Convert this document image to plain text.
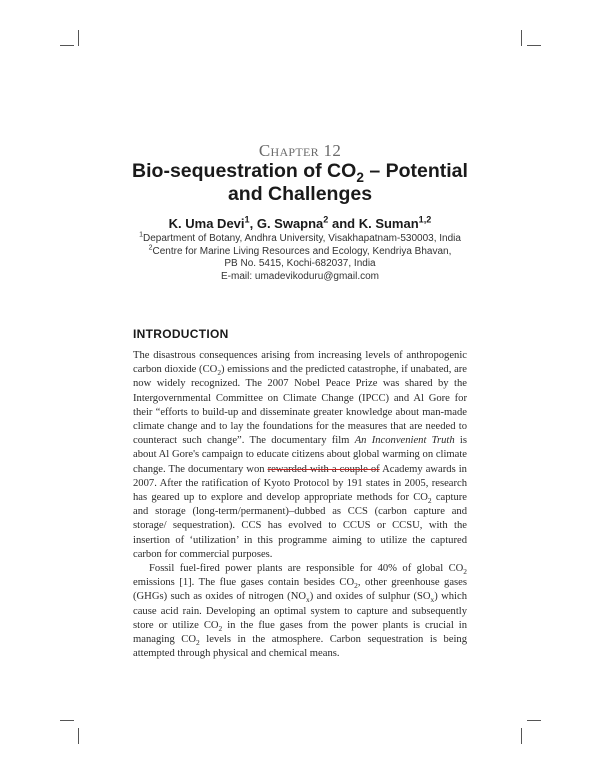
Chapter 12
Bio-sequestration of $CO_2$ – Potential
and Challenges
K. Uma Devi$^1$, G. Swapna$^2$ and K. Suman$^{1,2}$
$^1$Department of Botany, Andhra University, Visakhapatnam-530003, India
$^2$Centre for Marine Living Resources and Ecology, Kendriya Bhavan,
PB No. 5415, Kochi-682037, India
E-mail: umadevikoduru@gmail.com
INTRODUCTION

The disastrous consequences arising from increasing levels of anthropogenic carbon dioxide $(CO_2)$ emissions and the predicted catastrophe, if unabated, are now widely recognized. The 2007 Nobel Peace Prize was shared by the Intergovernmental Committee on Climate Change (IPCC) and Al Gore for their “efforts to build-up and disseminate greater knowledge about man-made climate change and to lay the foundations for the measures that are needed to counteract such change”. The documentary film An Inconvenient Truth is about Al Gore's campaign to educate citizens about global warming on climate change. The documentary won rewarded with a couple of Academy awards in 2007. After the ratification of Kyoto Protocol by 191 states in 2005, research has geared up to explore and develop appropriate methods for $CO_2$ capture and storage (long-term/permanent)–dubbed as CCS (carbon capture and storage/ sequestration). CCS has evolved to CCUS or CCSU, with the insertion of ‘utilization’ in this programme aiming to utilize the captured carbon for commercial purposes.

Fossil fuel-fired power plants are responsible for 40% of global $CO_2$ emissions [1]. The flue gases contain besides $CO_2$, other greenhouse gases (GHGs) such as oxides of nitrogen $(NO_x)$ and oxides of sulphur $(SO_x)$ which cause acid rain. Developing an optimal system to capture and subsequently store or utilize $CO_2$ in the flue gases from the power plants is crucial in managing $CO_2$ levels in the atmosphere. Carbon sequestration is being attempted through physical and chemical means.
